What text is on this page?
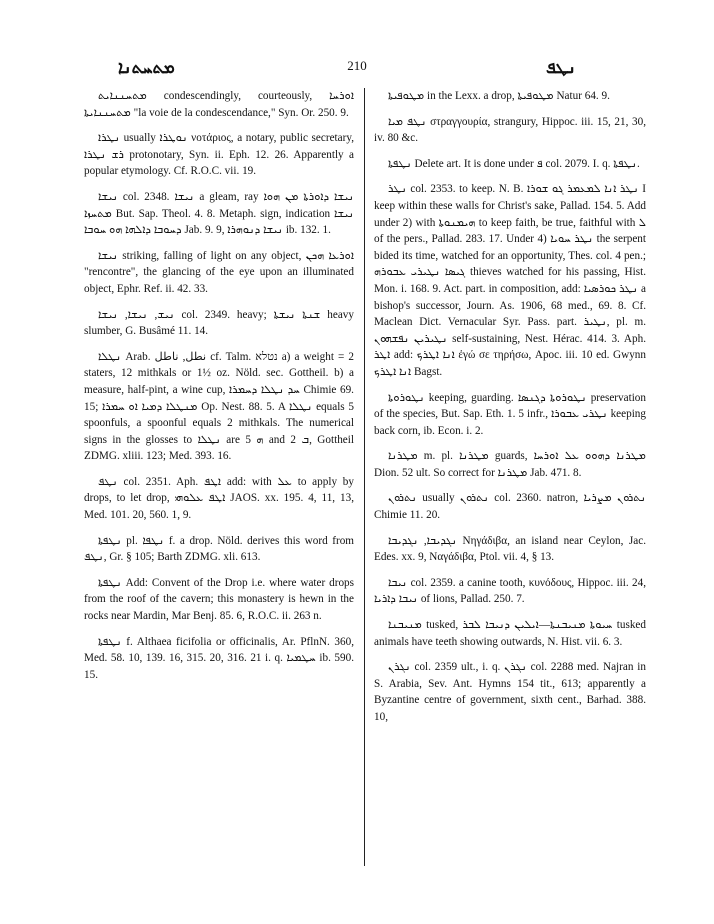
ܡܬܚܬܢܐ	210	ܢܛܦ

ܡܬܚܢܢܐܝܬ condescendingly, courteously, ܐܘܪܚܐ ܡܬܚܢܢܐܝܬܐ "la voie de la condescendance," Syn. Or. 250. 9.

ܢܛܪܐ usually ܢܘܛܪܐ νοτάριος, a notary, public secretary, ܪܫ ܢܛܪܐ protonotary, Syn. ii. Eph. 12. 26. Apparently a popular etymology. Cf. R.O.C. vii. 19.

ܢܝܫܐ col. 2348. ܢܝܫܐ a gleam, ray ܢܝܫܐ ܕܐܘܪܬܐ ܡܢ ܗܘܐ ܡܬܚܙܐ But. Sap. Theol. 4. 8. Metaph. sign, indication ܢܝܫܐ ܕܚܘܒܐ ܕܐܠܗܐ ܗܘ ܚܘܒܐ Jab. 9. 9, ܢܝܫܐ ܕܢܘܗܪܐ ib. 132. 1.

ܢܝܫܐ striking, falling of light on any object, ܐܘܪܥܐ ܗܟܢ "rencontre", the glancing of the eye upon an illuminated object, Ephr. Ref. ii. 42. 33.

ܢܝܫ, ܢܝܫܐ, ܢܝܫܐ col. 2349. heavy; ܫܢܬܐ ܢܝܫܬܐ heavy slumber, G. Busâmé 11. 14.

ܢܛܠܐ Arab. نطل, ناطل cf. Talm. נטלא a) a weight = 2 staters, 12 mithkals or 1½ oz. Nöld. sec. Gottheil. b) a measure, half-pint, a wine cup, ܚܕ ܢܛܠܐ ܕܚܡܪܐ Chimie 69. 15; ܡܢܛܠܐ ܕܡܝܐ ܐܘ ܚܡܪܐ Op. Nest. 88. 5. A ܢܛܠܐ equals 5 spoonfuls, a spoonful equals 2 mithkals. The numerical signs in the glosses to ܢܛܠܐ are ܗ 5 and ܒ 2, Gottheil ZDMG. xliii. 123; Med. 393. 16.

ܢܛܦ col. 2351. Aph. ܐܛܦ add: with ܥܠ to apply by drops, to let drop, ܐܛܦ ܥܠܘܗܝ JAOS. xx. 195. 4, 11, 13, Med. 101. 20, 560. 1, 9.

ܢܛܦܬܐ pl. ܢܛܦܐ f. a drop. Nöld. derives this word from ܢܛܦ, Gr. § 105; Barth ZDMG. xli. 613.

ܢܛܦܬܐ Add: Convent of the Drop i.e. where water drops from the roof of the cavern; this monastery is hewn in the rocks near Mardin, Mar Benj. 85. 6, R.O.C. ii. 263 n.

ܢܛܦܬܐ f. Althaea ficifolia or officinalis, Ar. PflnN. 360, Med. 58. 10, 139. 16, 315. 20, 316. 21 i. q. ܚܛܡܝܐ ib. 590. 15.

ܡܛܘܦܝܬܐ in the Lexx. a drop, ܡܛܘܦܝܬܐ Natur 64. 9.

ܢܛܦ ܡܝܐ στραγγουρία, strangury, Hippoc. iii. 15, 21, 30, iv. 80 &c.

ܢܛܦܬܐ Delete art. It is done under ܦ col. 2079. I. q. ܢܛܦܬܐ.

ܢܛܪ col. 2353. to keep. N. B. ܢܛܪ ܐܢܐ ܠܡܥܡܪ ܓܘ ܫܘܪܐ I keep within these walls for Christ's sake, Pallad. 154. 5. Add under 2) with ܗܝܡܢܘܬܐ to keep faith, be true, faithful with ܠ of the pers., Pallad. 283. 17. Under 4) ܢܛܪ ܚܘܝܐ the serpent bided its time, watched for an opportunity, Thes. col. 4 pen.; ܓܝܣܐ ܢܛܝܪܝ ܥܒܘܪܗ thieves watched for his passing, Hist. Mon. i. 168. 9. Act. part. in composition, add: ܢܛܪ ܟܘܪܣܝܐ a bishop's successor, Journ. As. 1906, 68 med., 69. 8. Cf. Maclean Dict. Vernacular Syr. Pass. part. ܢܛܝܪ, pl. m. ܢܛܝܪܝܢ ܢܦܫܗܘܢ self-sustaining, Nest. Hérac. 414. 3. Aph. ܐܛܪ add: ܐܢܐ ܐܛܪܟ ἐγώ σε τηρήσω, Apoc. iii. 10 ed. Gwynn ܐܢܐ ܐܛܪܟ Bagst.

ܢܛܘܪܘܬܐ keeping, guarding. ܢܛܘܪܘܬܐ ܕܓܢܣܐ preservation of the species, But. Sap. Eth. 1. 5 infr., ܢܛܪܝ ܥܒܘܪܐ keeping back corn, ib. Econ. i. 2.

ܡܛܪܢܐ m. pl. ܡܛܪܢܐ guards, ܡܛܪܢܐ ܕܗܘܘ ܥܠ ܐܘܪܚܐ Dion. 52 ult. So correct for ܡܛܪܢܐ Jab. 471. 8.

ܢܬܪܘܢ usually ܢܬܪܘܢ col. 2360. natron, ܢܬܪܘܢ ܡܨܪܝܐ Chimie 11. 20.

ܢܓܕܝܒܐ, ܢܓܕܝܒܐ Νηγάδιβα, an island near Ceylon, Jac. Edes. xx. 9, Ναγάδιβα, Ptol. vii. 4, § 13.

ܢܝܒܐ col. 2359. a canine tooth, κυνόδους, Hippoc. iii. 24, ܢܝܒܐ ܕܐܪܝܐ of lions, Pallad. 250. 7.

ܡܢܝܒܢܐ tusked, ܚܝܘܬܐ ܡܢܝܒܢܬܐ—ܐܝܠܝܢ ܕܢܝܒܐ ܠܒܪ tusked animals have teeth showing outwards, N. Hist. vii. 6. 3.

ܢܓܪܢ col. 2359 ult., i. q. ܢܓܪܢ col. 2288 med. Najran in S. Arabia, Sev. Ant. Hymns 154 tit., 613; apparently a Byzantine centre of government, sixth cent., Barhad. 388. 10,
